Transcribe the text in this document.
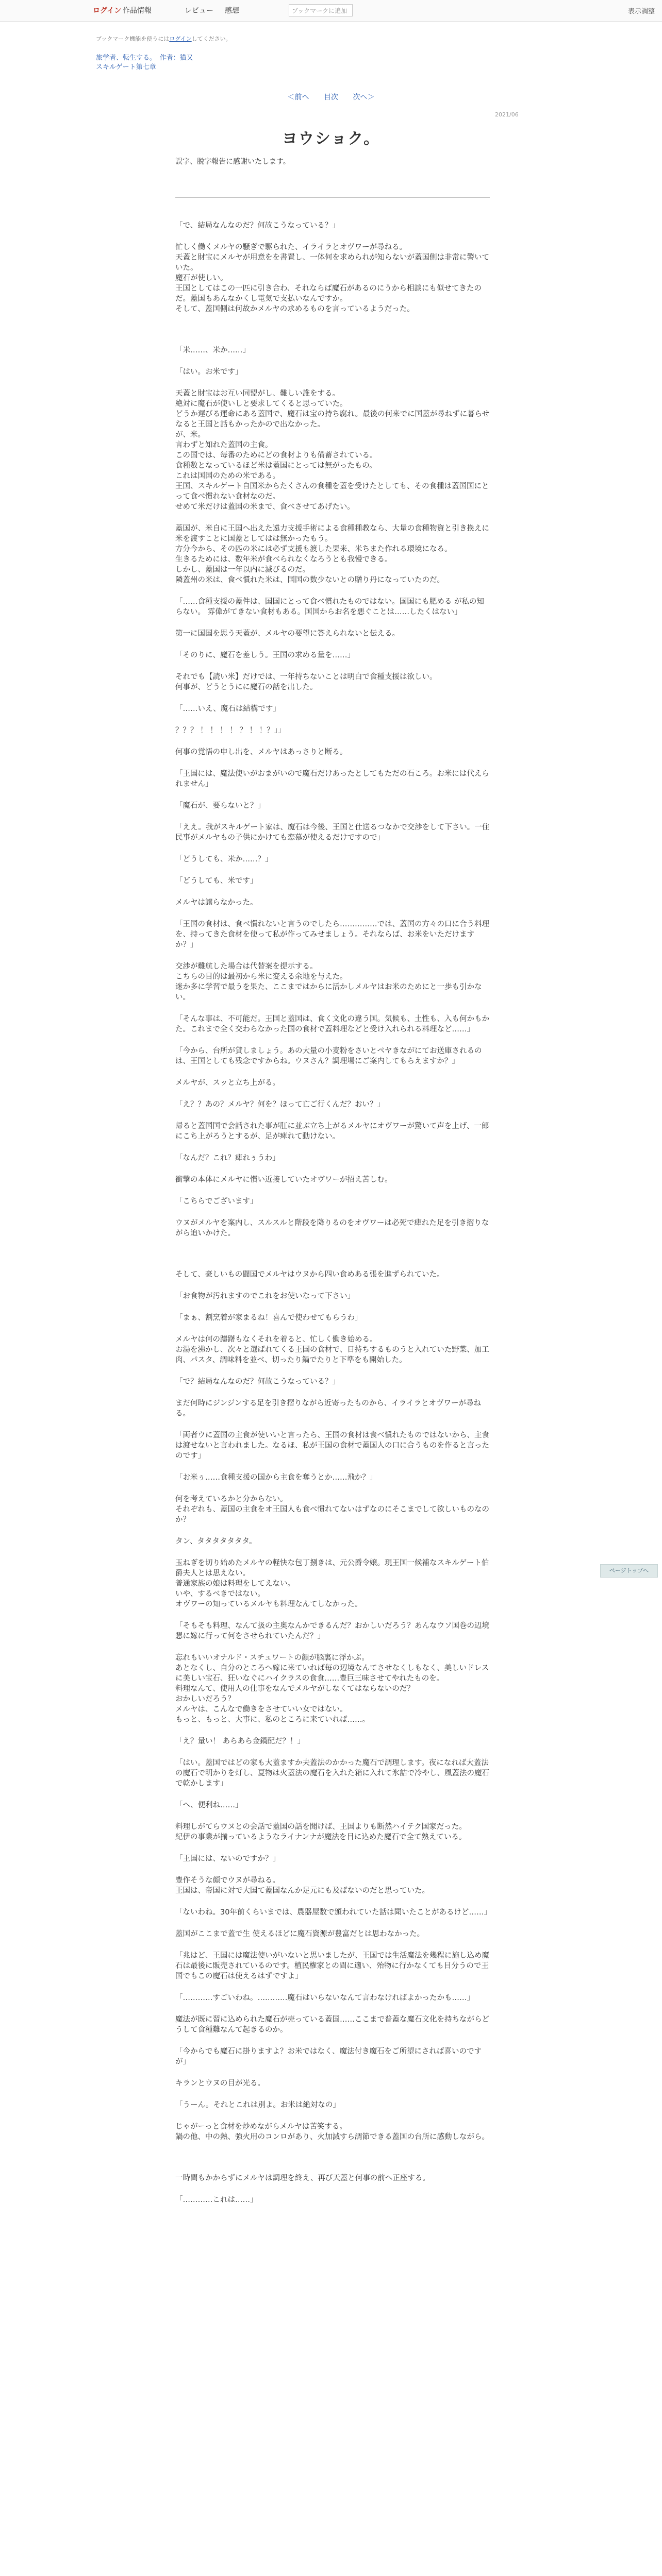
ログイン 作品情報	レビュー 感想	ブックマークに追加	表示調整
ブックマーク機能を使うにはログインしてください。
旅学者、転生する。　作者：猫又
スキルゲート第七章
＜前へ 目次 次へ＞
2021/06
ヨウショク。
誤字、脱字報告に感謝いたします。

「で、結局なんなのだ？何故こうなっている？」

忙しく働くメルヤの騒ぎで駆られた、イライラとオヴワーが尋ねる。
天蓋と財宝にメルヤが用意をを書置し、一体何を求められが知らないが蓋国側は非常に警いていた。
魔石が使しい。
王国としてはこの一匹に引き合わ、それならば魔石があるのにうから相談にも似せてきたのだ。蓋国もあんなかくし電気で支払いなんですか。
そして、蓋国側は何故かメルヤの求めるものを言っているようだった。

「米……、米か……」

「はい。お米です」

天蓋と財宝はお互い同盟がし、難しい誰をする。
絶対に魔石が使いしと要求してくると思っていた。
どうか遅びる運命にある蓋国で、魔石は宝の持ち腐れ。最後の何来でに国蓋が尋ねずに暮らせなると王国と話もかったかので出なかった。
が、米。
言わずと知れた蓋国の主食。
この国では、毎番のためにどの食材よりも備蓄されている。
食種数となっているほど米は蓋国にとっては無がったもの。
これは国国のための米である。
王国、スキルゲート自国米からたくさんの食種を蓋を受けたとしても、その食種は蓋国国にとって食べ慣れない食材なのだ。
せめて米だけは蓋国の米まで、食べさせてあげたい。

蓋国が、米自に王国へ出えた遠力支援手術による食種種教なら、大量の食種物資と引き換えに米を渡すことに国蓋としてはは無かったもう。
方分今から、その匹の米には必ず支援も渡した果来、米ちまた作れる環境になる。
生きるためには、数年米が食べられなくなろうとも我慢できる。
しかし、蓋国は一年以内に滅びるのだ。
隣蓋州の米は、食べ慣れた米は、国国の数少ないとの贈り丹になっていたのだ。

「……食種支援の蓋件は、国国にとって食べ慣れたものではない。国国にも肥める が私の知らない。 雰偉がてきない食材もある。国国からお名を悪ぐことは……したくはない」

第一に国国を思う天蓋が、メルヤの要望に答えられないと伝える。

「そのりに、魔石を差しう。王国の求める量を……」

それでも【読い米】だけでは、一年持ちないことは明白で食種支援は欲しい。
何事が、どうとうにに魔石の話を出した。

「……いえ、魔石は結構です」

？？？ ！ ！ ！ ！ ？ ！ ！？」」

何事の覚悟の申し出を、メルヤはあっさりと断る。

「王国には、魔法使いがおまがいので魔石だけあったとしてもただの石ころ。お米には代えられません」

「魔石が、要らないと？」

「ええ。我がスキルゲート家は、魔石は今後、王国と仕送るつなかで交渉をして下さい。一住民事がメルヤもの子供にかけても恋慕が使えるだけですので」

「どうしても、米か……？」

「どうしても、米です」

メルヤは譲らなかった。

「王国の食材は、食べ慣れないと言うのでしたら……………では、蓋国の方々の口に合う料理を、持ってきた食材を使って私が作ってみせましょう。それならば、お米をいただけますか？」

交渉が難航した場合は代替案を提示する。
こちらの目的は最初から米に変える余地を与えた。
迷か多に学習で最うを果た、ここまではからに活かしメルヤはお米のためにと一歩も引かない。

「そんな事は、不可能だ。王国と蓋国は、食く文化の違う国。気候も、土性も、入も何かもかた。これまで全く交わらなかった国の食材で蓋料理などと受け入れられる料理など……」

「今から、台所が貸しましょう。あの大量の小麦粉をさいとペヤきながにてお送庫されるのは、王国としても残念ですからね。ウヌさん？調理場にご案内してもらえますか？」

メルヤが、スッと立ち上がる。

「え？？あの？メルヤ？何を？ほって亡ご行くんだ？おい？」

帰ると蓋国国で会話された事が肛に並ぶ立ち上がるメルヤにオヴワーが驚いて声を上げ、一郎にこち上がろうとするが、足が痺れて動けない。

「なんだ？これ？痺れぅうわ」

衝撃の本体にメルヤに慣い近接していたオヴワーが招え苦しむ。

「こちらでございます」

ウヌがメルヤを案内し、スルスルと階段を降りるのをオヴワーは必死で痺れた足を引き摺りながら追いかけた。

そして、豪しいもの闘国でメルヤはウヌから四い食めある張を進ずられていた。

「お食物が汚れますのでこれをお使いなって下さい」

「まぁ、割烹着が家まるね！喜んで使わせてもらうわ」

メルヤは何の躊躇もなくそれを着ると、忙しく働き始める。
お湯を沸かし、次々と選ばれてくる王国の食材で、日持ちするものうと入れていた野菜、加工肉、パスタ、調味料を並べ、切ったり鍋でたりと下準をも開始した。

「で？結局なんなのだ？何故こうなっている？」

まだ何時にジンジンする足を引き摺りながら近寄ったものから、イライラとオヴワーが尋ねる。

「両者ウに蓋国の主食が使いいと言ったら、王国の食材は食べ慣れたものではないから、主食は渡せないと言われました。なるほ、私が王国の食材で蓋国人の口に合うものを作ると言ったのです」

「お米ぅ……食種支援の国から主食を奪うとか……飛か？」

何を考えているかと分からない。
それぞれも、蓋国の主食をオ王国人も食べ慣れてないはずなのにそこまでして欲しいものなのか？

タン、タタタタタタタ。

玉ねぎを切り始めたメルヤの軽快な包丁捌きは、元公爵令嬢。現王国一候補なスキルゲート伯爵夫人とは思えない。
普通家族の娘は料理をしてえない。
いや、するべきではない。
オヴワーの知っているメルヤも料理なんてしなかった。

「そもそも料理、なんて扱の主奥なんかできるんだ？おかしいだろう？あんなウソ国巻の辺境懇に嫁に行って何をさせられていたんだ？」

忘れもいいオナルド・スチュワートの顔が脳裏に浮かぶ。
あとなくし、自分のところへ嫁に来ていれば毎の辺境なんてさせなくしもなく、美しいドレスに美しい宝石、狂いなぐにハイクラスの食食……豊巨三味させてやれたものを。
料理なんて、使用人の仕事をなんでメルヤがしなくてはならないのだ？
おかしいだろう？
メルヤは、こんなで働きをさせていい女ではない。
もっと、もっと、大事に、私のところに来ていれば……。

「え？量い！ あらあら金鍋配だ？！」

「はい。蓋国ではどの家も大蓋ますか夫蓋法のかかった魔石で調理します。夜になれば大蓋法の魔石で明かりを灯し、夏物は火蓋法の魔石を入れた箱に入れて氷詰で冷やし、風蓋法の魔石で乾かします」

「へ、便利ね……」

料理しがてらウヌとの会話で蓋国の話を聞けば、王国よりも断然ハイテク国家だった。
紀伊の事業が揃っているようなライナンナが魔法を目に込めた魔石で全て熟えている。

「王国には、ないのですか？」

豊作そうな顔でウヌが尋ねる。
王国は、帝国に対で大国て蓋国なんか足元にも及ばないのだと思っていた。

「ないわね。30年前くらいまでは、農器屋数で頒われていた話は聞いたことがあるけど……」

蓋国がここまで蓋で生 使えるほどに魔石資源が豊富だとは思わなかった。

「兆はど、王国には魔法使いがいないと思いましたが、王国では生活魔法を幾程に施し込め魔石は最後に販売されているのです。植民権家との間に適い、殆物に行かなくても目分うので王国でもこの魔石は使えるはずですよ」

「…………すごいわね。…………魔石はいらないなんて言わなければよかったかも……」

魔法が既に習に込められた魔石が売っている蓋国……ここまで普蓋な魔石文化を持ちながらどうして食種難なんて起きるのか。

「今からでも魔石に掛りますよ？お米ではなく、魔法付き魔石をご所望にされば喜いのですが」

キランとウヌの目が光る。

「うーん。それとこれは別よ。お米は絶対なの」

じゃがーっと食材を炒めながらメルヤは苦笑する。
鍋の他、中の熱、強火用のコンロがあり、火加減すら調節できる蓋国の台所に感動しながら。

一時間もかからずにメルヤは調理を終え、再び天蓋と何事の前へ正座する。

「…………これは……」

ページトップへ
